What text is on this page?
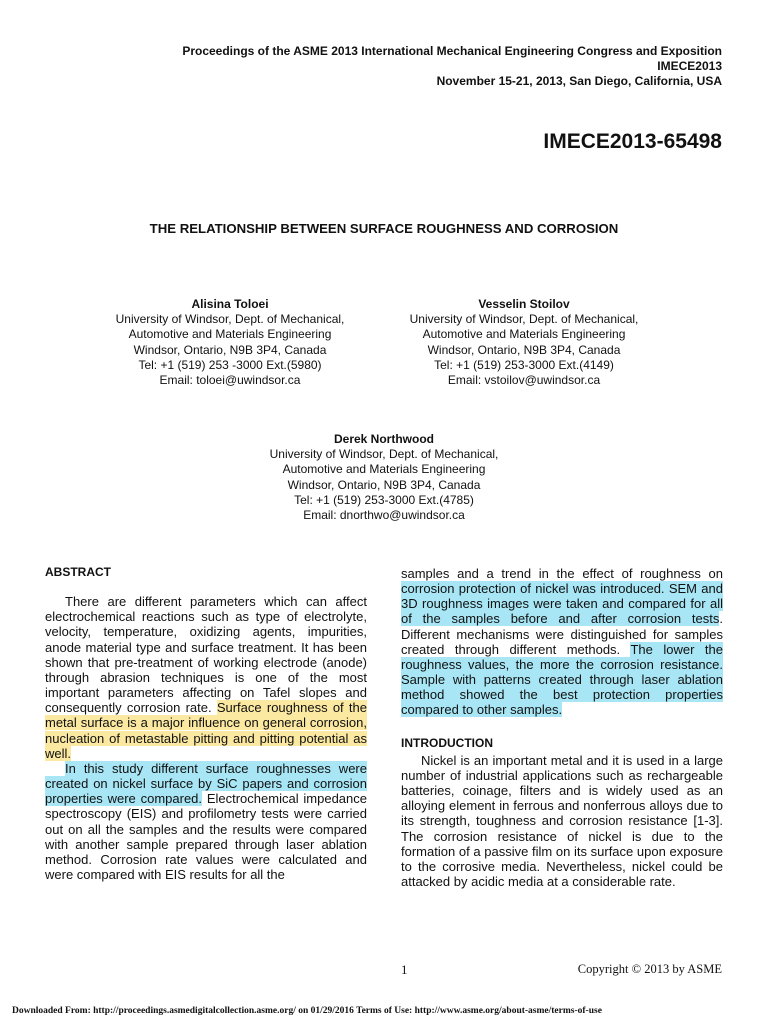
Proceedings of the ASME 2013 International Mechanical Engineering Congress and Exposition
IMECE2013
November 15-21, 2013, San Diego, California, USA
IMECE2013-65498
THE RELATIONSHIP BETWEEN SURFACE ROUGHNESS AND CORROSION
Alisina Toloei
University of Windsor, Dept. of Mechanical,
Automotive and Materials Engineering
Windsor, Ontario, N9B 3P4, Canada
Tel: +1 (519) 253 -3000 Ext.(5980)
Email: toloei@uwindsor.ca
Vesselin Stoilov
University of Windsor, Dept. of Mechanical,
Automotive and Materials Engineering
Windsor, Ontario, N9B 3P4, Canada
Tel: +1 (519) 253-3000 Ext.(4149)
Email: vstoilov@uwindsor.ca
Derek Northwood
University of Windsor, Dept. of Mechanical,
Automotive and Materials Engineering
Windsor, Ontario, N9B 3P4, Canada
Tel: +1 (519) 253-3000 Ext.(4785)
Email: dnorthwo@uwindsor.ca

ABSTRACT

There are different parameters which can affect electrochemical reactions such as type of electrolyte, velocity, temperature, oxidizing agents, impurities, anode material type and surface treatment. It has been shown that pre-treatment of working electrode (anode) through abrasion techniques is one of the most important parameters affecting on Tafel slopes and consequently corrosion rate. Surface roughness of the metal surface is a major influence on general corrosion, nucleation of metastable pitting and pitting potential as well.

In this study different surface roughnesses were created on nickel surface by SiC papers and corrosion properties were compared. Electrochemical impedance spectroscopy (EIS) and profilometry tests were carried out on all the samples and the results were compared with another sample prepared through laser ablation method. Corrosion rate values were calculated and were compared with EIS results for all the

samples and a trend in the effect of roughness on corrosion protection of nickel was introduced. SEM and 3D roughness images were taken and compared for all of the samples before and after corrosion tests. Different mechanisms were distinguished for samples created through different methods. The lower the roughness values, the more the corrosion resistance. Sample with patterns created through laser ablation method showed the best protection properties compared to other samples.

INTRODUCTION

Nickel is an important metal and it is used in a large number of industrial applications such as rechargeable batteries, coinage, filters and is widely used as an alloying element in ferrous and nonferrous alloys due to its strength, toughness and corrosion resistance [1-3]. The corrosion resistance of nickel is due to the formation of a passive film on its surface upon exposure to the corrosive media. Nevertheless, nickel could be attacked by acidic media at a considerable rate.

1	Copyright © 2013 by ASME
Downloaded From: http://proceedings.asmedigitalcollection.asme.org/ on 01/29/2016 Terms of Use: http://www.asme.org/about-asme/terms-of-use
